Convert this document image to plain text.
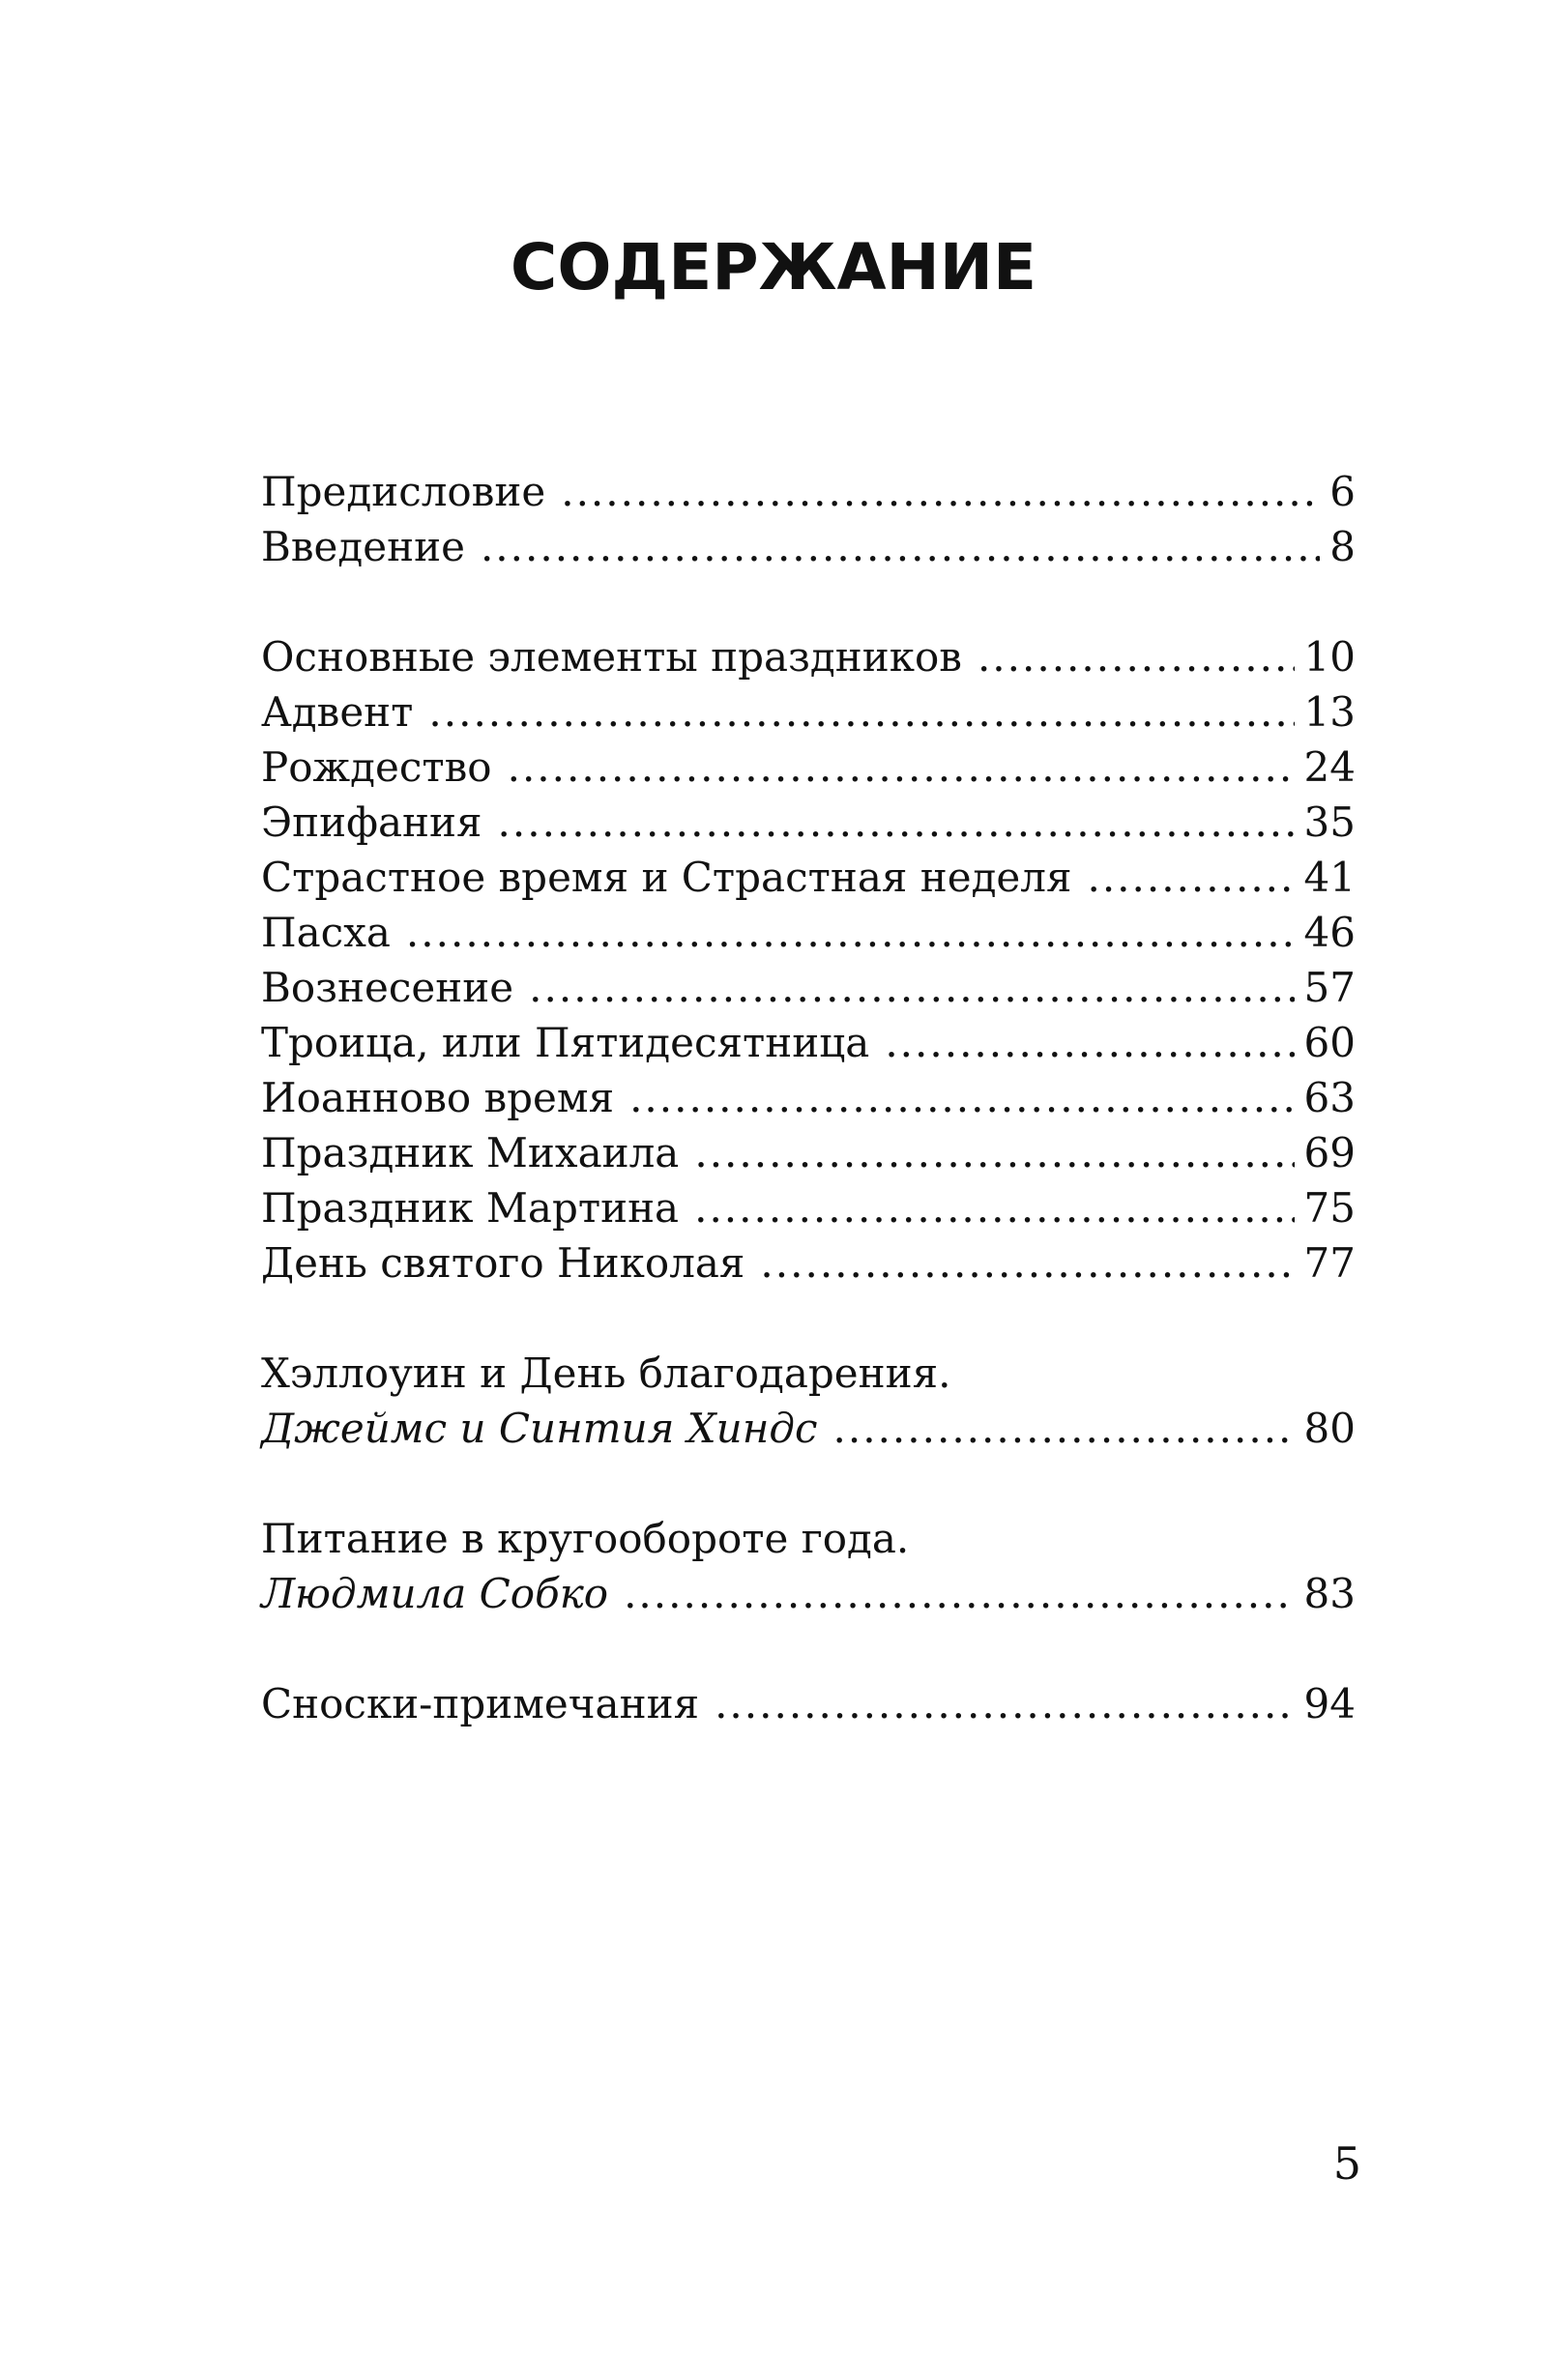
СОДЕРЖАНИЕ
Предисловие .....	6
Введение .....	8
Основные элементы праздников .....	10
Адвент .....	13
Рождество .....	24
Эпифания .....	35
Страстное время и Страстная неделя .....	41
Пасха .....	46
Вознесение .....	57
Троица, или Пятидесятница .....	60
Иоанново время .....	63
Праздник Михаила .....	69
Праздник Мартина .....	75
День святого Николая .....	77
Хэллоуин и День благодарения.
Джеймс и Синтия Хиндс .....	80
Питание в кругообороте года.
Людмила Собко .....	83
Сноски-примечания .....	94
5
